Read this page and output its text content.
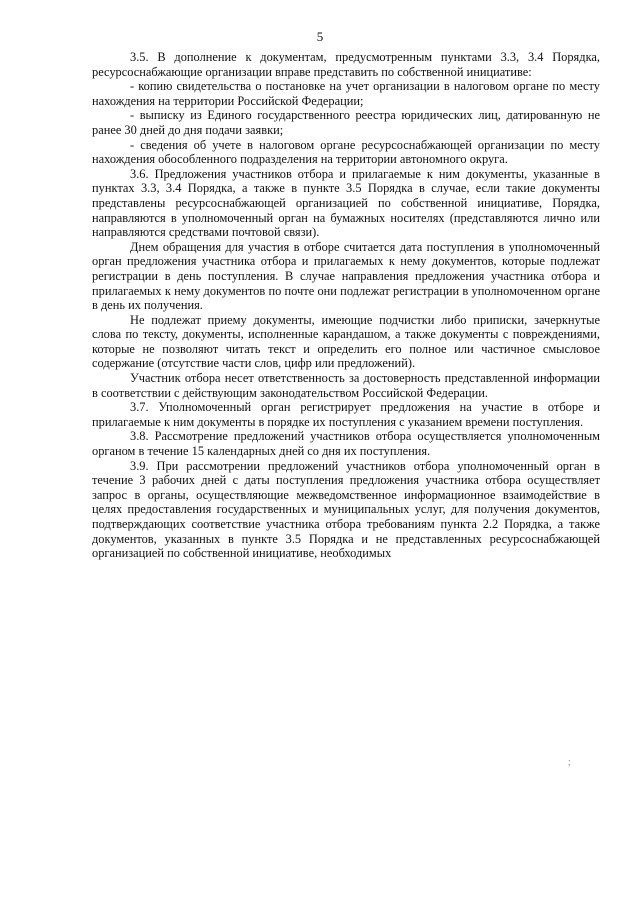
5

3.5. В дополнение к документам, предусмотренным пунктами 3.3, 3.4 Порядка, ресурсоснабжающие организации вправе представить по собственной инициативе:

- копию свидетельства о постановке на учет организации в налоговом органе по месту нахождения на территории Российской Федерации;

- выписку из Единого государственного реестра юридических лиц, датированную не ранее 30 дней до дня подачи заявки;

- сведения об учете в налоговом органе ресурсоснабжающей организации по месту нахождения обособленного подразделения на территории автономного округа.

3.6. Предложения участников отбора и прилагаемые к ним документы, указанные в пунктах 3.3, 3.4 Порядка, а также в пункте 3.5 Порядка в случае, если такие документы представлены ресурсоснабжающей организацией по собственной инициативе, Порядка, направляются в уполномоченный орган на бумажных носителях (представляются лично или направляются средствами почтовой связи).

Днем обращения для участия в отборе считается дата поступления в уполномоченный орган предложения участника отбора и прилагаемых к нему документов, которые подлежат регистрации в день поступления. В случае направления предложения участника отбора и прилагаемых к нему документов по почте они подлежат регистрации в уполномоченном органе в день их получения.

Не подлежат приему документы, имеющие подчистки либо приписки, зачеркнутые слова по тексту, документы, исполненные карандашом, а также документы с повреждениями, которые не позволяют читать текст и определить его полное или частичное смысловое содержание (отсутствие части слов, цифр или предложений).

Участник отбора несет ответственность за достоверность представленной информации в соответствии с действующим законодательством Российской Федерации.

3.7. Уполномоченный орган регистрирует предложения на участие в отборе и прилагаемые к ним документы в порядке их поступления с указанием времени поступления.

3.8. Рассмотрение предложений участников отбора осуществляется уполномоченным органом в течение 15 календарных дней со дня их поступления.

3.9. При рассмотрении предложений участников отбора уполномоченный орган в течение 3 рабочих дней с даты поступления предложения участника отбора осуществляет запрос в органы, осуществляющие межведомственное информационное взаимодействие в целях предоставления государственных и муниципальных услуг, для получения документов, подтверждающих соответствие участника отбора требованиям пункта 2.2 Порядка, а также документов, указанных в пункте 3.5 Порядка и не представленных ресурсоснабжающей организацией по собственной инициативе, необходимых

;
